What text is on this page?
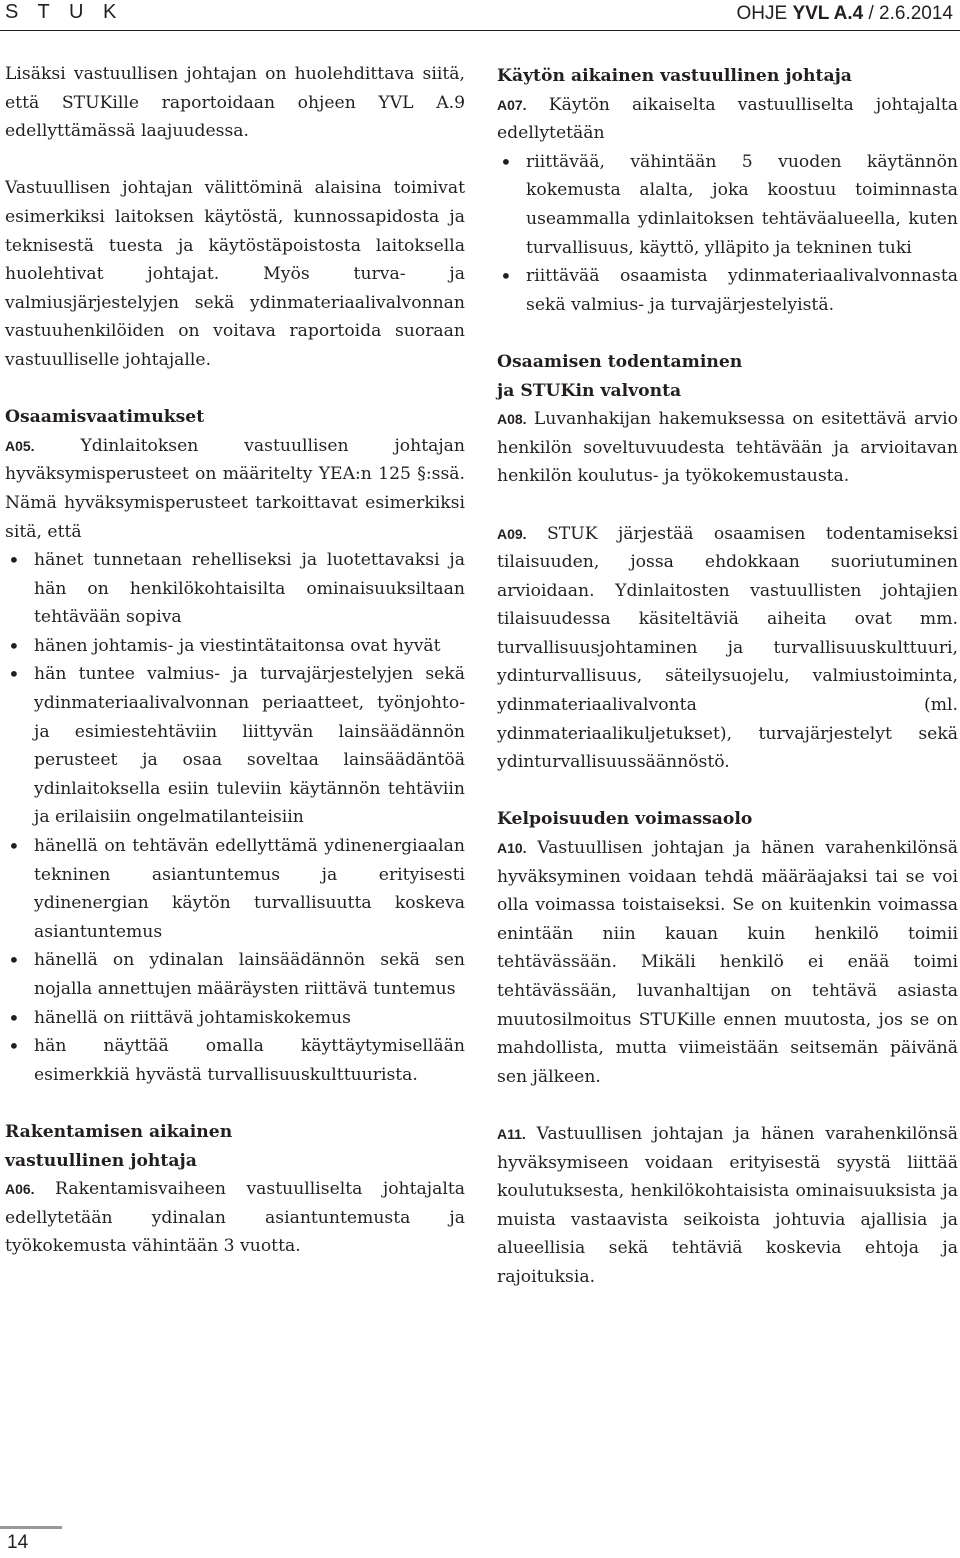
S T U K	OHJE YVL A.4 / 2.6.2014

Lisäksi vastuullisen johtajan on huolehdittava siitä, että STUKille raportoidaan ohjeen YVL A.9 edellyttämässä laajuudessa.

Vastuullisen johtajan välittöminä alaisina toimivat esimerkiksi laitoksen käytöstä, kunnossapidosta ja teknisestä tuesta ja käytöstäpoistosta laitoksella huolehtivat johtajat. Myös turva- ja valmiusjärjestelyjen sekä ydinmateriaalivalvonnan vastuuhenkilöiden on voitava raportoida suoraan vastuulliselle johtajalle.

Osaamisvaatimukset

A05. Ydinlaitoksen vastuullisen johtajan hyväksymisperusteet on määritelty YEA:n 125 §:ssä. Nämä hyväksymisperusteet tarkoittavat esimerkiksi sitä, että

• hänet tunnetaan rehelliseksi ja luotettavaksi ja hän on henkilökohtaisilta ominaisuuksiltaan tehtävään sopiva
• hänen johtamis- ja viestintätaitonsa ovat hyvät
• hän tuntee valmius- ja turvajärjestelyjen sekä ydinmateriaalivalvonnan periaatteet, työnjohto- ja esimiestehtäviin liittyvän lainsäädännön perusteet ja osaa soveltaa lainsäädäntöä ydinlaitoksella esiin tuleviin käytännön tehtäviin ja erilaisiin ongelmatilanteisiin
• hänellä on tehtävän edellyttämä ydinenergiaalan tekninen asiantuntemus ja erityisesti ydinenergian käytön turvallisuutta koskeva asiantuntemus
• hänellä on ydinalan lainsäädännön sekä sen nojalla annettujen määräysten riittävä tuntemus
• hänellä on riittävä johtamiskokemus
• hän näyttää omalla käyttäytymisellään esimerkkiä hyvästä turvallisuuskulttuurista.
Rakentamisen aikainen
vastuullinen johtaja

A06. Rakentamisvaiheen vastuulliselta johtajalta edellytetään ydinalan asiantuntemusta ja työkokemusta vähintään 3 vuotta.

Käytön aikainen vastuullinen johtaja

A07. Käytön aikaiselta vastuulliselta johtajalta edellytetään

• riittävää, vähintään 5 vuoden käytännön kokemusta alalta, joka koostuu toiminnasta useammalla ydinlaitoksen tehtäväalueella, kuten turvallisuus, käyttö, ylläpito ja tekninen tuki
• riittävää osaamista ydinmateriaalivalvonnasta sekä valmius- ja turvajärjestelyistä.
Osaamisen todentaminen
ja STUKin valvonta

A08. Luvanhakijan hakemuksessa on esitettävä arvio henkilön soveltuvuudesta tehtävään ja arvioitavan henkilön koulutus- ja työkokemustausta.

A09. STUK järjestää osaamisen todentamiseksi tilaisuuden, jossa ehdokkaan suoriutuminen arvioidaan. Ydinlaitosten vastuullisten johtajien tilaisuudessa käsiteltäviä aiheita ovat mm. turvallisuusjohtaminen ja turvallisuuskulttuuri, ydinturvallisuus, säteilysuojelu, valmiustoiminta, ydinmateriaalivalvonta (ml. ydinmateriaalikuljetukset), turvajärjestelyt sekä ydinturvallisuussäännöstö.

Kelpoisuuden voimassaolo

A10. Vastuullisen johtajan ja hänen varahenkilönsä hyväksyminen voidaan tehdä määräajaksi tai se voi olla voimassa toistaiseksi. Se on kuitenkin voimassa enintään niin kauan kuin henkilö toimii tehtävässään. Mikäli henkilö ei enää toimi tehtävässään, luvanhaltijan on tehtävä asiasta muutosilmoitus STUKille ennen muutosta, jos se on mahdollista, mutta viimeistään seitsemän päivänä sen jälkeen.

A11. Vastuullisen johtajan ja hänen varahenkilönsä hyväksymiseen voidaan erityisestä syystä liittää koulutuksesta, henkilökohtaisista ominaisuuksista ja muista vastaavista seikoista johtuvia ajallisia ja alueellisia sekä tehtäviä koskevia ehtoja ja rajoituksia.

14
